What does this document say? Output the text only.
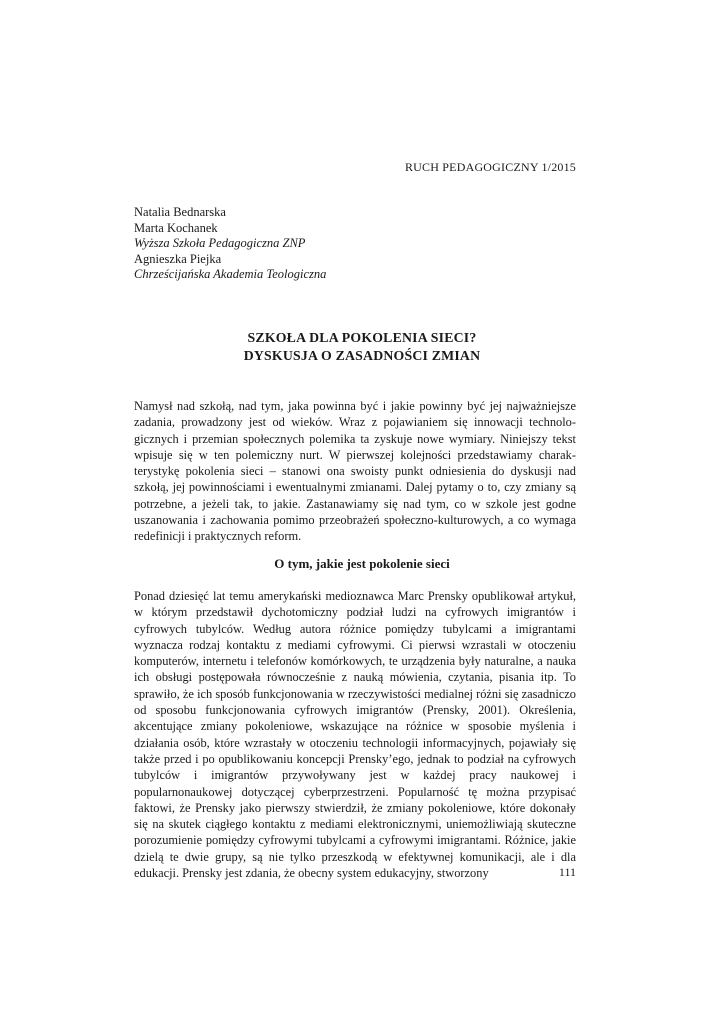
RUCH PEDAGOGICZNY 1/2015
Natalia Bednarska
Marta Kochanek
Wyższa Szkoła Pedagogiczna ZNP
Agnieszka Piejka
Chrześcijańska Akademia Teologiczna
SZKOŁA DLA POKOLENIA SIECI?
DYSKUSJA O ZASADNOŚCI ZMIAN
Namysł nad szkołą, nad tym, jaka powinna być i jakie powinny być jej najważniejsze zadania, prowadzony jest od wieków. Wraz z pojawianiem się innowacji technologicznych i przemian społecznych polemika ta zyskuje nowe wymiary. Niniejszy tekst wpisuje się w ten polemiczny nurt. W pierwszej kolejności przedstawiamy charakterystykę pokolenia sieci – stanowi ona swoisty punkt odniesienia do dyskusji nad szkołą, jej powinnościami i ewentualnymi zmianami. Dalej pytamy o to, czy zmiany są potrzebne, a jeżeli tak, to jakie. Zastanawiamy się nad tym, co w szkole jest godne uszanowania i zachowania pomimo przeobrażeń społeczno-kulturowych, a co wymaga redefinicji i praktycznych reform.
O tym, jakie jest pokolenie sieci
Ponad dziesięć lat temu amerykański medioznawca Marc Prensky opublikował artykuł, w którym przedstawił dychotomiczny podział ludzi na cyfrowych imigrantów i cyfrowych tubylców. Według autora różnice pomiędzy tubylcami a imigrantami wyznacza rodzaj kontaktu z mediami cyfrowymi. Ci pierwsi wzrastali w otoczeniu komputerów, internetu i telefonów komórkowych, te urządzenia były naturalne, a nauka ich obsługi postępowała równocześnie z nauką mówienia, czytania, pisania itp. To sprawiło, że ich sposób funkcjonowania w rzeczywistości medialnej różni się zasadniczo od sposobu funkcjonowania cyfrowych imigrantów (Prensky, 2001). Określenia, akcentujące zmiany pokoleniowe, wskazujące na różnice w sposobie myślenia i działania osób, które wzrastały w otoczeniu technologii informacyjnych, pojawiały się także przed i po opublikowaniu koncepcji Prensky’ego, jednak to podział na cyfrowych tubylców i imigrantów przywoływany jest w każdej pracy naukowej i popularnonaukowej dotyczącej cyberprzestrzeni. Popularność tę można przypisać faktowi, że Prensky jako pierwszy stwierdził, że zmiany pokoleniowe, które dokonały się na skutek ciągłego kontaktu z mediami elektronicznymi, uniemożliwiają skuteczne porozumienie pomiędzy cyfrowymi tubylcami a cyfrowymi imigrantami. Różnice, jakie dzielą te dwie grupy, są nie tylko przeszkodą w efektywnej komunikacji, ale i dla edukacji. Prensky jest zdania, że obecny system edukacyjny, stworzony	111
